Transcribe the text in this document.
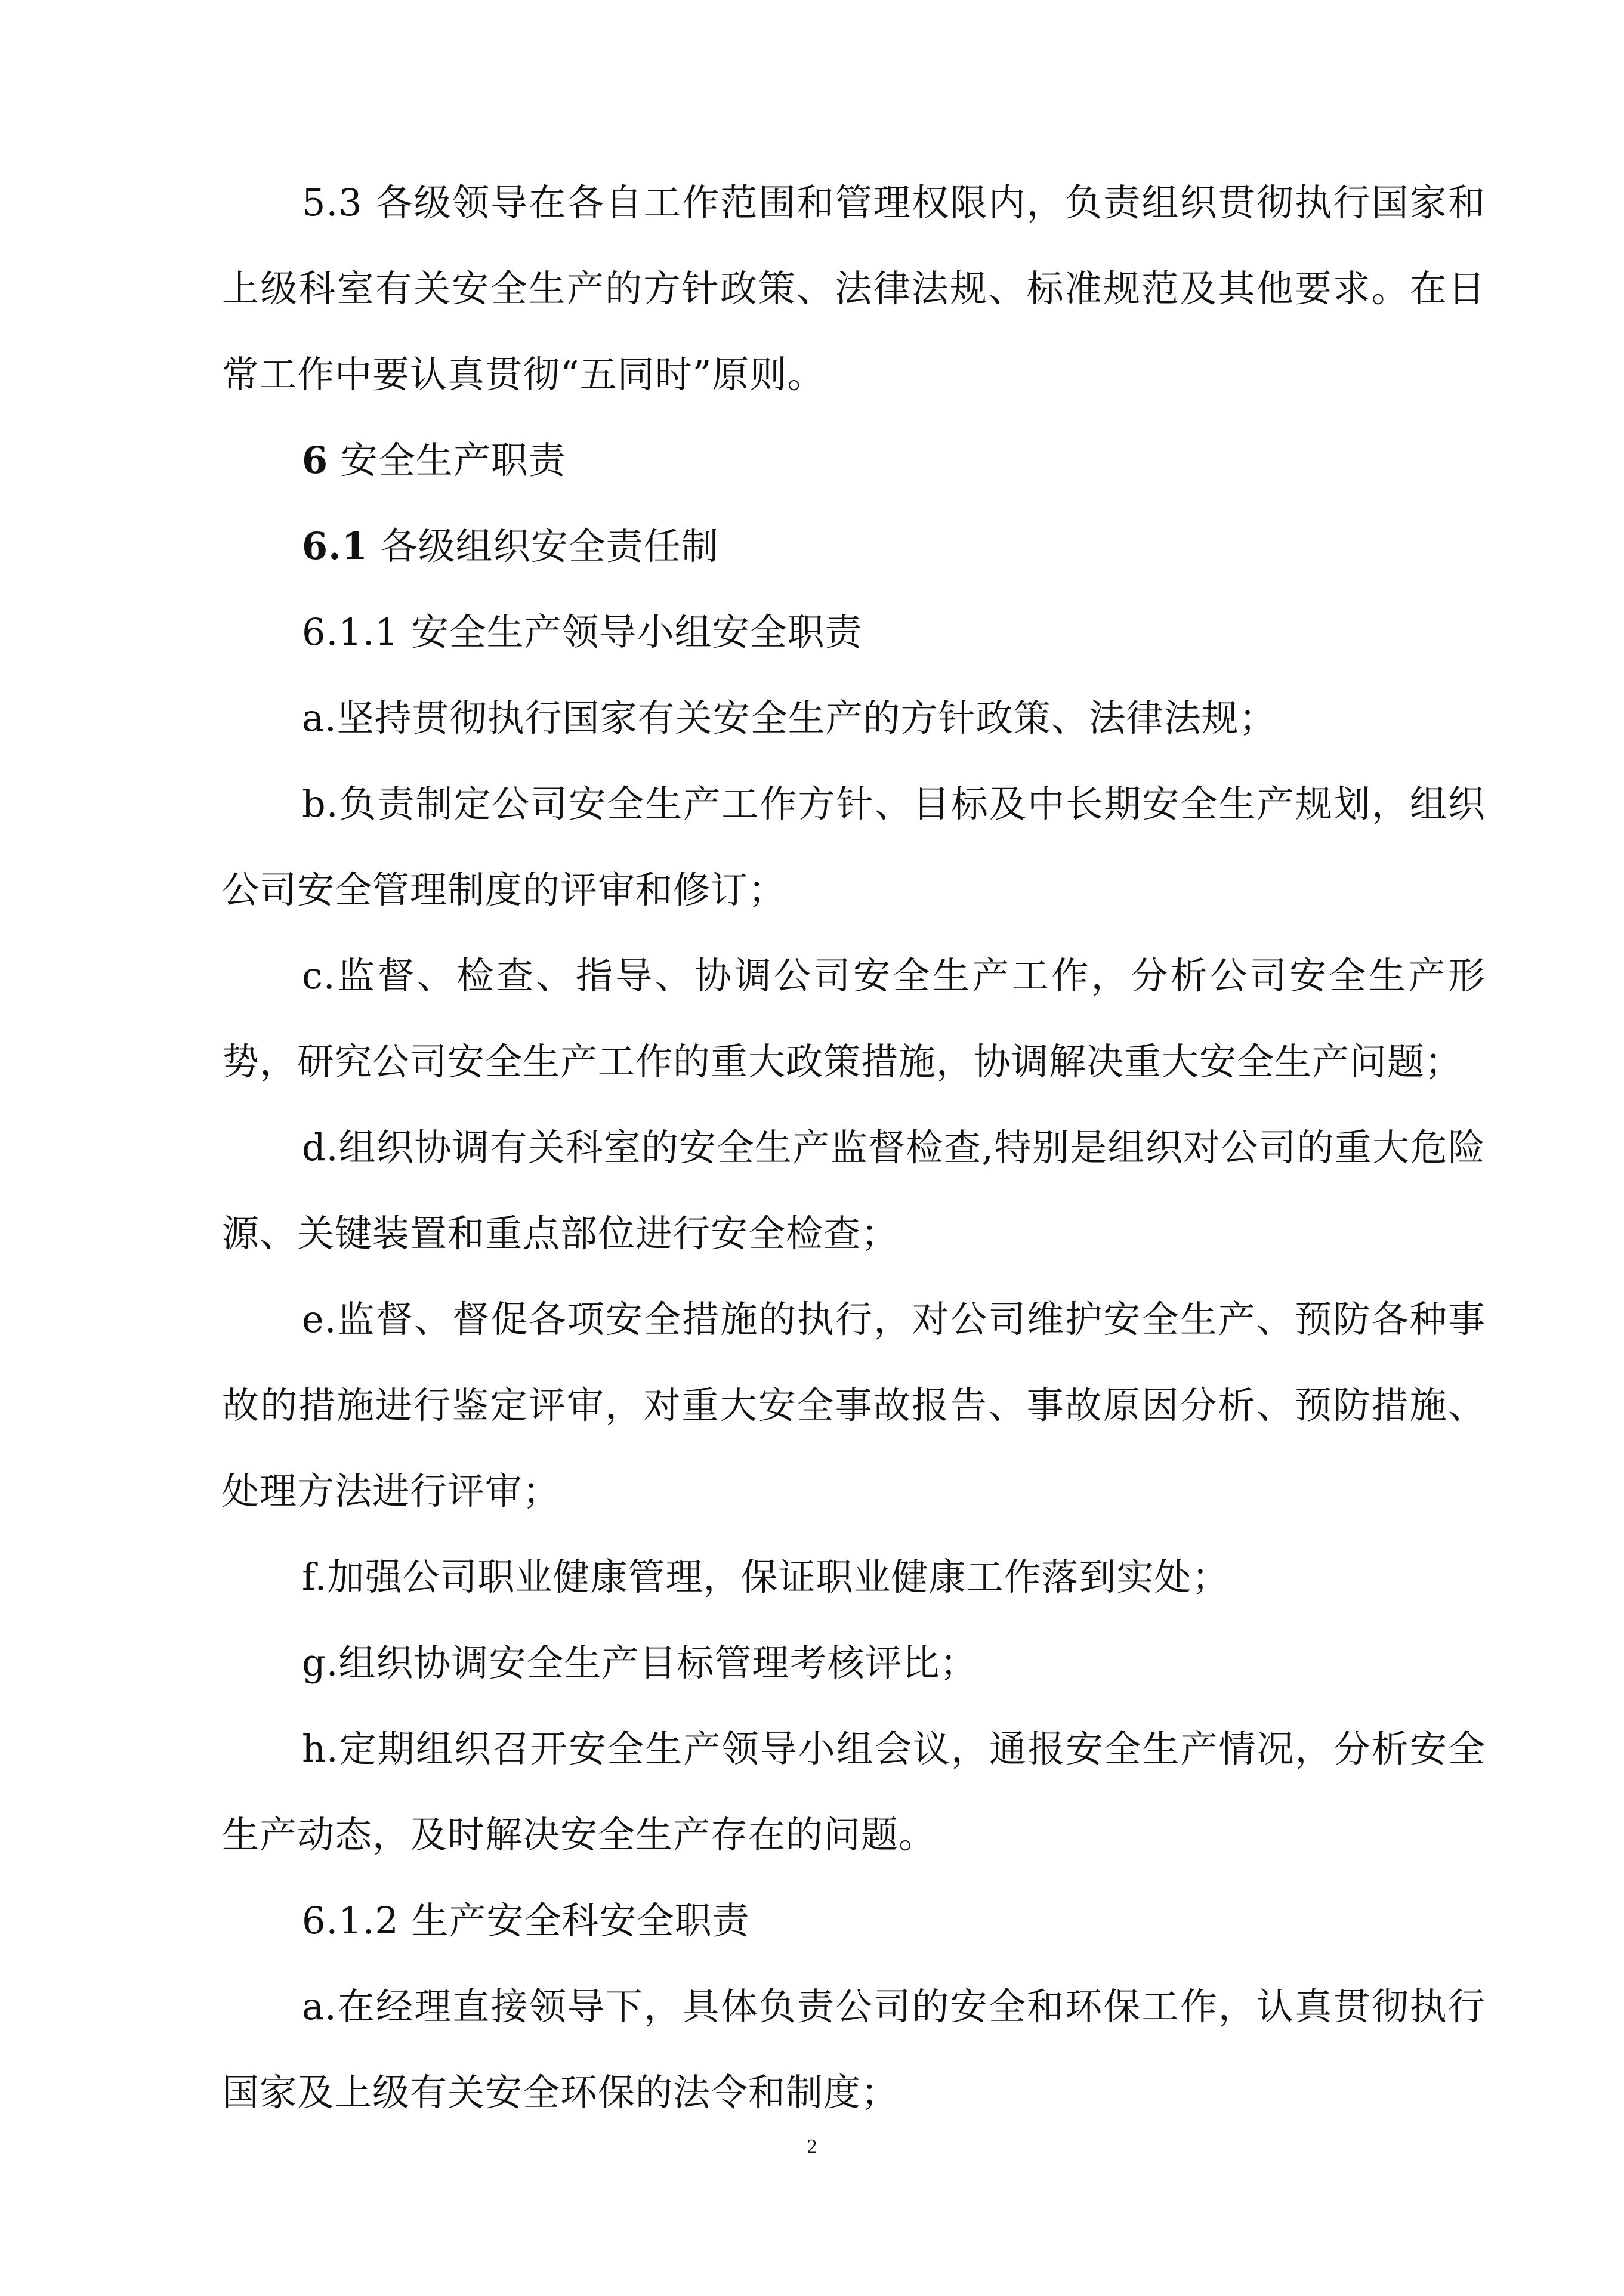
5.3 各级领导在各自工作范围和管理权限内，负责组织贯彻执行国家和上级科室有关安全生产的方针政策、法律法规、标准规范及其他要求。在日常工作中要认真贯彻“五同时”原则。

6 安全生产职责

6.1 各级组织安全责任制

6.1.1 安全生产领导小组安全职责

a.坚持贯彻执行国家有关安全生产的方针政策、法律法规；

b.负责制定公司安全生产工作方针、目标及中长期安全生产规划，组织公司安全管理制度的评审和修订；

c.监督、检查、指导、协调公司安全生产工作，分析公司安全生产形势，研究公司安全生产工作的重大政策措施，协调解决重大安全生产问题；

d.组织协调有关科室的安全生产监督检查,特别是组织对公司的重大危险源、关键装置和重点部位进行安全检查；

e.监督、督促各项安全措施的执行，对公司维护安全生产、预防各种事故的措施进行鉴定评审，对重大安全事故报告、事故原因分析、预防措施、处理方法进行评审；

f.加强公司职业健康管理，保证职业健康工作落到实处；

g.组织协调安全生产目标管理考核评比；

h.定期组织召开安全生产领导小组会议，通报安全生产情况，分析安全生产动态，及时解决安全生产存在的问题。

6.1.2 生产安全科安全职责

a.在经理直接领导下，具体负责公司的安全和环保工作，认真贯彻执行国家及上级有关安全环保的法令和制度；

2
